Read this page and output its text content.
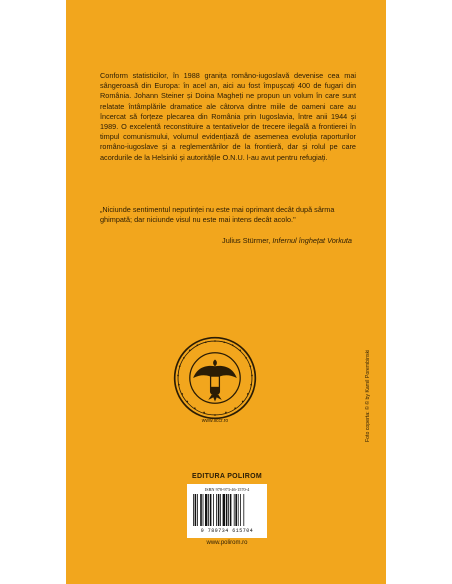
Conform statisticilor, în 1988 granița româno-iugoslavă devenise cea mai sângeroasă din Europa: în acel an, aici au fost împușcați 400 de fugari din România. Johann Steiner și Doina Magheți ne propun un volum în care sunt relatate întâmplările dramatice ale câtorva dintre miile de oameni care au încercat să forțeze plecarea din România prin Iugoslavia, între anii 1944 și 1989. O excelentă reconstituire a tentativelor de trecere ilegală a frontierei în timpul comunismului, volumul evidențiază de asemenea evoluția raporturilor româno-iugoslave și a reglementărilor de la frontieră, dar și rolul pe care acordurile de la Helsinki și autoritățile O.N.U. l-au avut pentru refugiați.

„Niciunde sentimentul neputinței nu este mai oprimant decât după sârma ghimpată; dar niciunde visul nu este mai intens decât acolo."

Julius Stürmer, Infernul înghețat Vorkuta
www.iiccr.ro	Foto coperta: © © by Kamil Porembinski
EDITURA POLIROM
ISBN 978-973-46-1570-4
9 789734 615704
www.polirom.ro
